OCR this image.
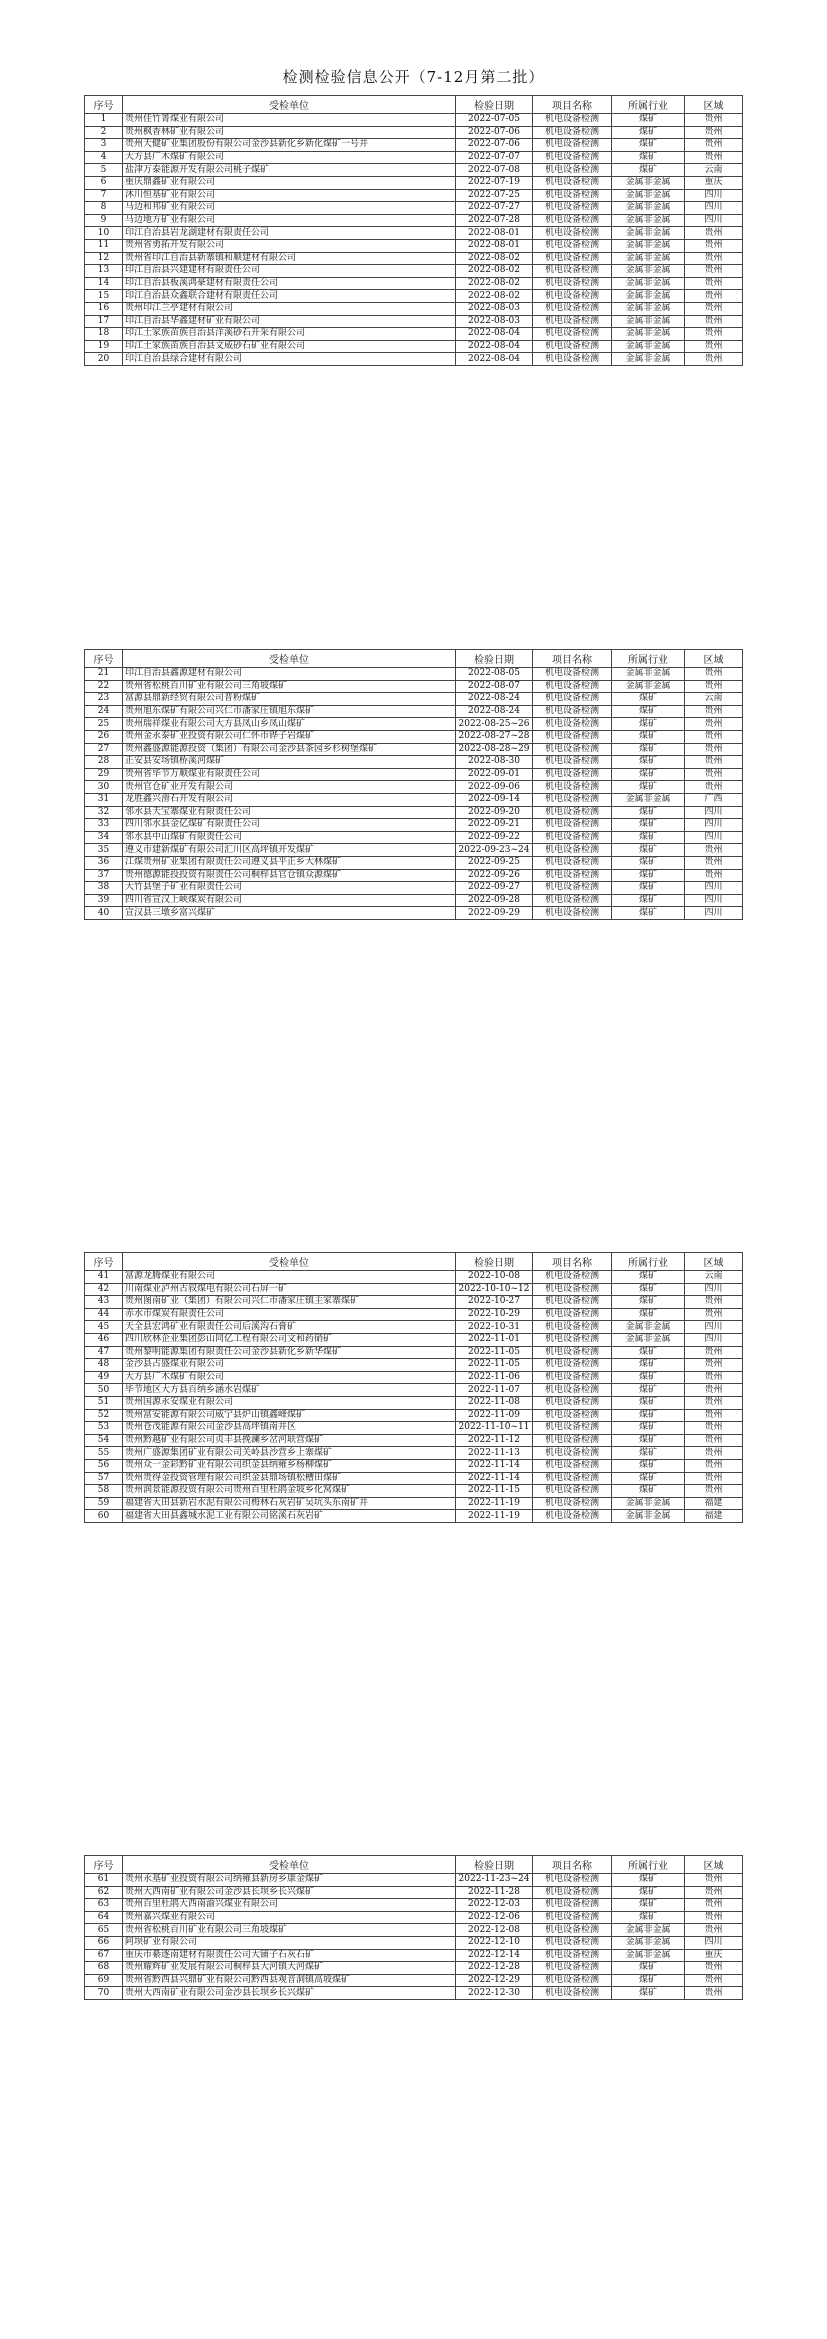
检测检验信息公开（7-12月第二批）
序号	受检单位	检验日期	项目名称	所属行业	区域
1	贵州佳竹箐煤业有限公司	2022-07-05	机电设备检测	煤矿	贵州
2	贵州枫香林矿业有限公司	2022-07-06	机电设备检测	煤矿	贵州
3	贵州天健矿业集团股份有限公司金沙县新化乡新化煤矿一号井	2022-07-06	机电设备检测	煤矿	贵州
4	大方县广木煤矿有限公司	2022-07-07	机电设备检测	煤矿	贵州
5	盐津万泰能源开发有限公司桃子煤矿	2022-07-08	机电设备检测	煤矿	云南
6	重庆鼎鑫矿业有限公司	2022-07-19	机电设备检测	金属非金属	重庆
7	沐川恒基矿业有限公司	2022-07-25	机电设备检测	金属非金属	四川
8	马边和邦矿业有限公司	2022-07-27	机电设备检测	金属非金属	四川
9	马边地方矿业有限公司	2022-07-28	机电设备检测	金属非金属	四川
10	印江自治县岩龙湖建材有限责任公司	2022-08-01	机电设备检测	金属非金属	贵州
11	贵州省勇拓开发有限公司	2022-08-01	机电设备检测	金属非金属	贵州
12	贵州省印江自治县新寨镇和顺建材有限公司	2022-08-02	机电设备检测	金属非金属	贵州
13	印江自治县兴建建材有限责任公司	2022-08-02	机电设备检测	金属非金属	贵州
14	印江自治县板溪鸿豪建材有限责任公司	2022-08-02	机电设备检测	金属非金属	贵州
15	印江自治县众鑫联合建材有限责任公司	2022-08-02	机电设备检测	金属非金属	贵州
16	贵州印江兰亭建材有限公司	2022-08-03	机电设备检测	金属非金属	贵州
17	印江自治县华鑫建材矿业有限公司	2022-08-03	机电设备检测	金属非金属	贵州
18	印江土家族苗族自治县洋溪砂石开采有限公司	2022-08-04	机电设备检测	金属非金属	贵州
19	印江土家族苗族自治县文威砂石矿业有限公司	2022-08-04	机电设备检测	金属非金属	贵州
20	印江自治县绿合建材有限公司	2022-08-04	机电设备检测	金属非金属	贵州
序号	受检单位	检验日期	项目名称	所属行业	区域
21	印江自治县鑫源建材有限公司	2022-08-05	机电设备检测	金属非金属	贵州
22	贵州省松桃百川矿业有限公司三角坡煤矿	2022-08-07	机电设备检测	金属非金属	贵州
23	富源县鼎新经贸有限公司普粉煤矿	2022-08-24	机电设备检测	煤矿	云南
24	贵州旭东煤矿有限公司兴仁市潘家庄镇旭东煤矿	2022-08-24	机电设备检测	煤矿	贵州
25	贵州瑞祥煤业有限公司大方县凤山乡凤山煤矿	2022-08-25~26	机电设备检测	煤矿	贵州
26	贵州金永泰矿业投资有限公司仁怀市铧子岩煤矿	2022-08-27~28	机电设备检测	煤矿	贵州
27	贵州鑫盛源能源投资（集团）有限公司金沙县茶园乡杉树堡煤矿	2022-08-28~29	机电设备检测	煤矿	贵州
28	正安县安场镇桥溪河煤矿	2022-08-30	机电设备检测	煤矿	贵州
29	贵州省毕节万顺煤业有限责任公司	2022-09-01	机电设备检测	煤矿	贵州
30	贵州官仓矿业开发有限公司	2022-09-06	机电设备检测	煤矿	贵州
31	龙胜鑫兴滑石开发有限公司	2022-09-14	机电设备检测	金属非金属	广西
32	邻水县天宝寨煤业有限责任公司	2022-09-20	机电设备检测	煤矿	四川
33	四川邻水县金亿煤矿有限责任公司	2022-09-21	机电设备检测	煤矿	四川
34	邻水县中山煤矿有限责任公司	2022-09-22	机电设备检测	煤矿	四川
35	遵义市建新煤矿有限公司汇川区高坪镇开发煤矿	2022-09-23~24	机电设备检测	煤矿	贵州
36	江煤贵州矿业集团有限责任公司遵义县平正乡大林煤矿	2022-09-25	机电设备检测	煤矿	贵州
37	贵州德源能投投资有限责任公司桐梓县官仓镇众源煤矿	2022-09-26	机电设备检测	煤矿	贵州
38	大竹县堡子矿业有限责任公司	2022-09-27	机电设备检测	煤矿	四川
39	四川省宣汉上峡煤炭有限公司	2022-09-28	机电设备检测	煤矿	四川
40	宣汉县三墩乡富兴煤矿	2022-09-29	机电设备检测	煤矿	四川
序号	受检单位	检验日期	项目名称	所属行业	区域
41	富源龙腾煤业有限公司	2022-10-08	机电设备检测	煤矿	云南
42	川南煤业泸州古叙煤电有限公司石屏一矿	2022-10-10~12	机电设备检测	煤矿	四川
43	贵州图南矿业（集团）有限公司兴仁市潘家庄镇主家寨煤矿	2022-10-27	机电设备检测	煤矿	贵州
44	赤水市煤炭有限责任公司	2022-10-29	机电设备检测	煤矿	贵州
45	天全县宏鸿矿业有限责任公司后溪沟石膏矿	2022-10-31	机电设备检测	金属非金属	四川
46	四川欣林企业集团彭山同亿工程有限公司文和药硝矿	2022-11-01	机电设备检测	金属非金属	四川
47	贵州黎明能源集团有限责任公司金沙县新化乡新华煤矿	2022-11-05	机电设备检测	煤矿	贵州
48	金沙县占盛煤业有限公司	2022-11-05	机电设备检测	煤矿	贵州
49	大方县广木煤矿有限公司	2022-11-06	机电设备检测	煤矿	贵州
50	毕节地区大方县百纳乡涵水岩煤矿	2022-11-07	机电设备检测	煤矿	贵州
51	贵州国源永安煤业有限公司	2022-11-08	机电设备检测	煤矿	贵州
52	贵州富安能源有限公司威宁县炉山镇鑫峰煤矿	2022-11-09	机电设备检测	煤矿	贵州
53	贵州苍茂能源有限公司金沙县高坪镇南井区	2022-11-10~11	机电设备检测	煤矿	贵州
54	贵州黔越矿业有限公司贞丰县挽澜乡岔河联营煤矿	2022-11-12	机电设备检测	煤矿	贵州
55	贵州广盛源集团矿业有限公司关岭县沙营乡上寨煤矿	2022-11-13	机电设备检测	煤矿	贵州
56	贵州众一金彩黔矿业有限公司织金县纳雍乡杨柳煤矿	2022-11-14	机电设备检测	煤矿	贵州
57	贵州贵得金投资管理有限公司织金县鼎场镇松槽田煤矿	2022-11-14	机电设备检测	煤矿	贵州
58	贵州润景能源投资有限公司贵州百里杜鹃金坡乡化窝煤矿	2022-11-15	机电设备检测	煤矿	贵州
59	福建省大田县新岩水泥有限公司梅林石灰岩矿吴坑头东南矿井	2022-11-19	机电设备检测	金属非金属	福建
60	福建省大田县鑫城水泥工业有限公司铭溪石灰岩矿	2022-11-19	机电设备检测	金属非金属	福建
序号	受检单位	检验日期	项目名称	所属行业	区域
61	贵州永基矿业投资有限公司纳雍县新房乡康金煤矿	2022-11-23~24	机电设备检测	煤矿	贵州
62	贵州大西南矿业有限公司金沙县长坝乡长兴煤矿	2022-11-28	机电设备检测	煤矿	贵州
63	贵州百里杜鹃大西南渝兴煤业有限公司	2022-12-03	机电设备检测	煤矿	贵州
64	贵州嘉兴煤业有限公司	2022-12-06	机电设备检测	煤矿	贵州
65	贵州省松桃百川矿业有限公司三角坡煤矿	2022-12-08	机电设备检测	金属非金属	贵州
66	阿坝矿业有限公司	2022-12-10	机电设备检测	金属非金属	四川
67	重庆市綦逐南建材有限责任公司大铺子石灰石矿	2022-12-14	机电设备检测	金属非金属	重庆
68	贵州耀辉矿业发展有限公司桐梓县大河镇大河煤矿	2022-12-28	机电设备检测	煤矿	贵州
69	贵州省黔西县兴鼎矿业有限公司黔西县观音洞镇高坡煤矿	2022-12-29	机电设备检测	煤矿	贵州
70	贵州大西南矿业有限公司金沙县长坝乡长兴煤矿	2022-12-30	机电设备检测	煤矿	贵州
